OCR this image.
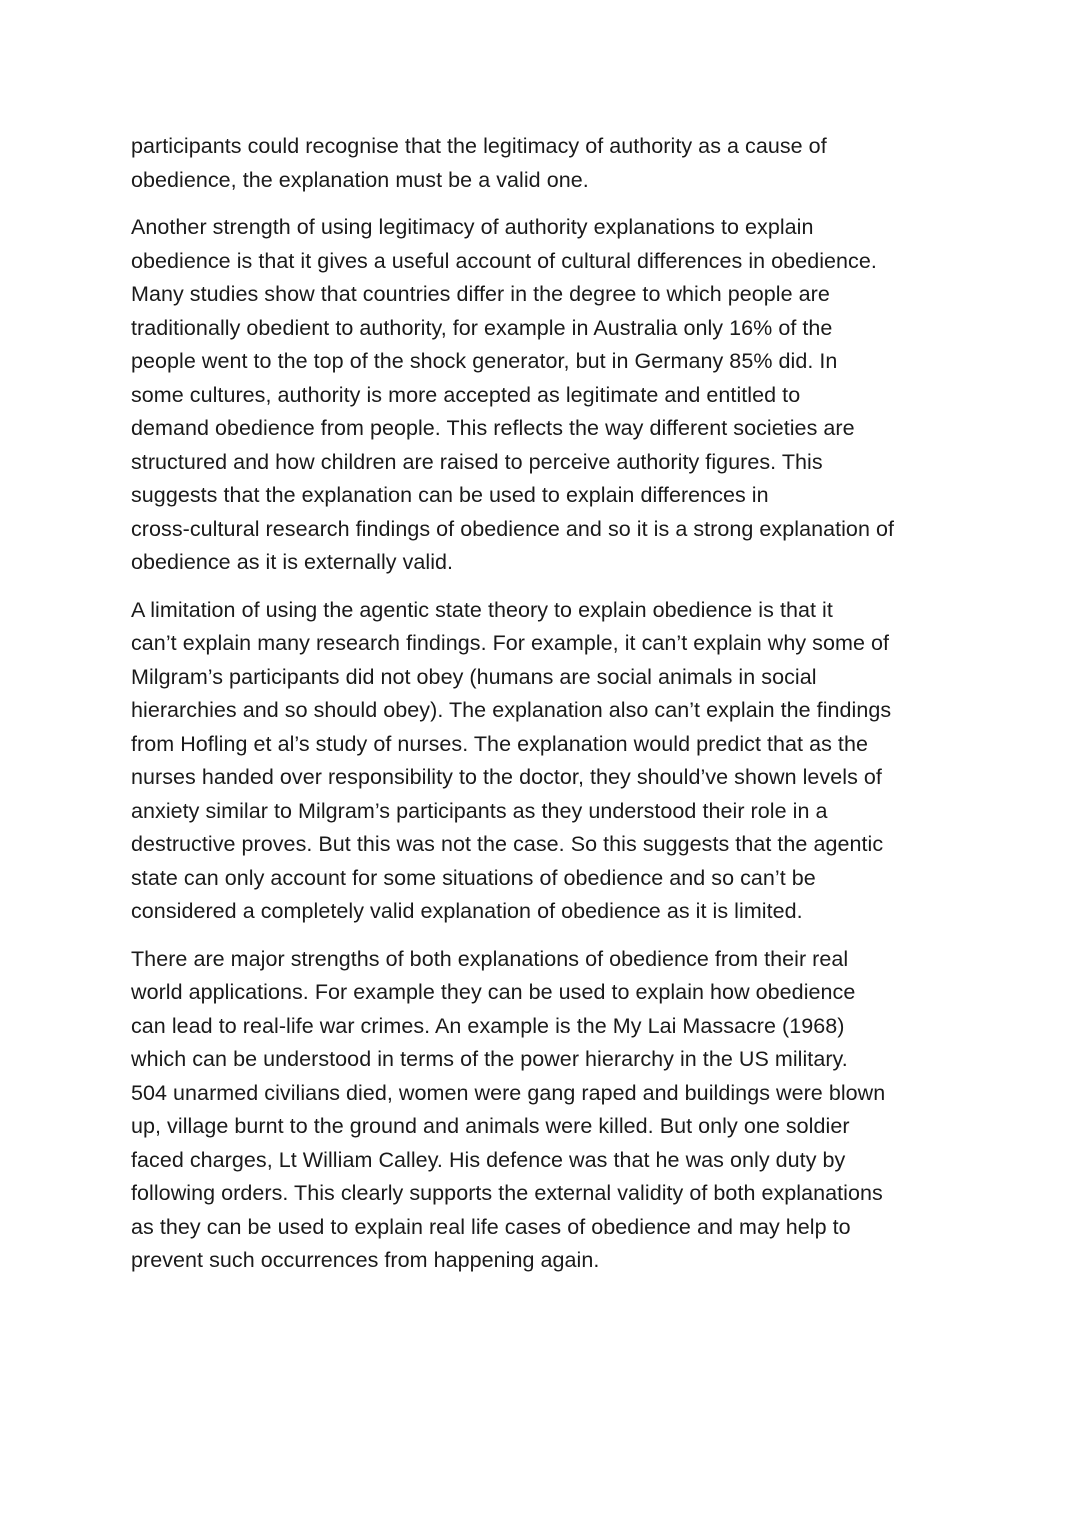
participants could recognise that the legitimacy of authority as a cause of
obedience, the explanation must be a valid one.

Another strength of using legitimacy of authority explanations to explain
obedience is that it gives a useful account of cultural differences in obedience.
Many studies show that countries differ in the degree to which people are
traditionally obedient to authority, for example in Australia only 16% of the
people went to the top of the shock generator, but in Germany 85% did. In
some cultures, authority is more accepted as legitimate and entitled to
demand obedience from people. This reflects the way different societies are
structured and how children are raised to perceive authority figures. This
suggests that the explanation can be used to explain differences in
cross-cultural research findings of obedience and so it is a strong explanation of
obedience as it is externally valid.

A limitation of using the agentic state theory to explain obedience is that it
can’t explain many research findings. For example, it can’t explain why some of
Milgram’s participants did not obey (humans are social animals in social
hierarchies and so should obey). The explanation also can’t explain the findings
from Hofling et al’s study of nurses. The explanation would predict that as the
nurses handed over responsibility to the doctor, they should’ve shown levels of
anxiety similar to Milgram’s participants as they understood their role in a
destructive proves. But this was not the case. So this suggests that the agentic
state can only account for some situations of obedience and so can’t be
considered a completely valid explanation of obedience as it is limited.

There are major strengths of both explanations of obedience from their real
world applications. For example they can be used to explain how obedience
can lead to real-life war crimes. An example is the My Lai Massacre (1968)
which can be understood in terms of the power hierarchy in the US military.
504 unarmed civilians died, women were gang raped and buildings were blown
up, village burnt to the ground and animals were killed. But only one soldier
faced charges, Lt William Calley. His defence was that he was only duty by
following orders. This clearly supports the external validity of both explanations
as they can be used to explain real life cases of obedience and may help to
prevent such occurrences from happening again.
